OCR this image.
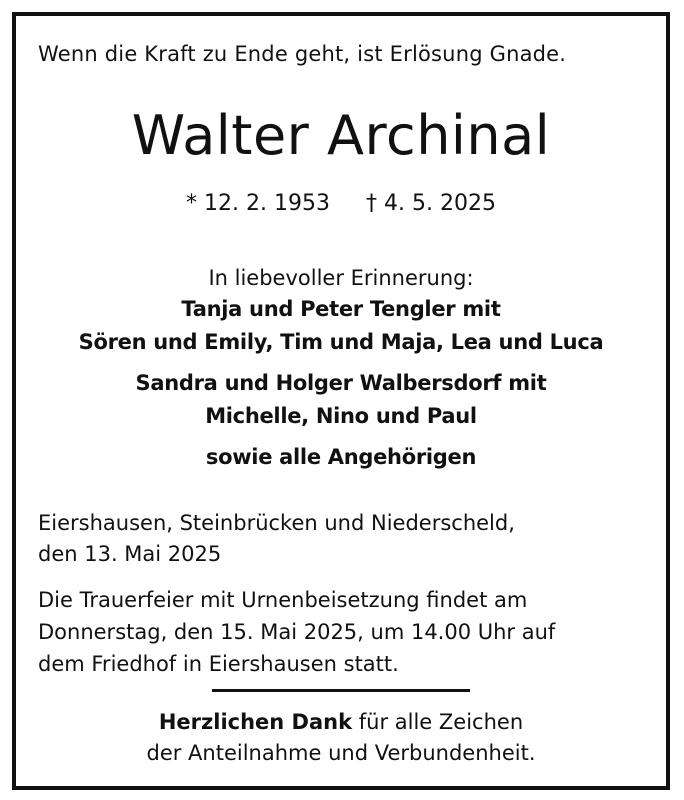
Wenn die Kraft zu Ende geht, ist Erlösung Gnade.
Walter Archinal
* 12. 2. 1953 † 4. 5. 2025
In liebevoller Erinnerung:
Tanja und Peter Tengler mit
Sören und Emily, Tim und Maja, Lea und Luca
Sandra und Holger Walbersdorf mit
Michelle, Nino und Paul
sowie alle Angehörigen
Eiershausen, Steinbrücken und Niederscheld,
den 13. Mai 2025
Die Trauerfeier mit Urnenbeisetzung findet am
Donnerstag, den 15. Mai 2025, um 14.00 Uhr auf
dem Friedhof in Eiershausen statt.
Herzlichen Dank für alle Zeichen
der Anteilnahme und Verbundenheit.
